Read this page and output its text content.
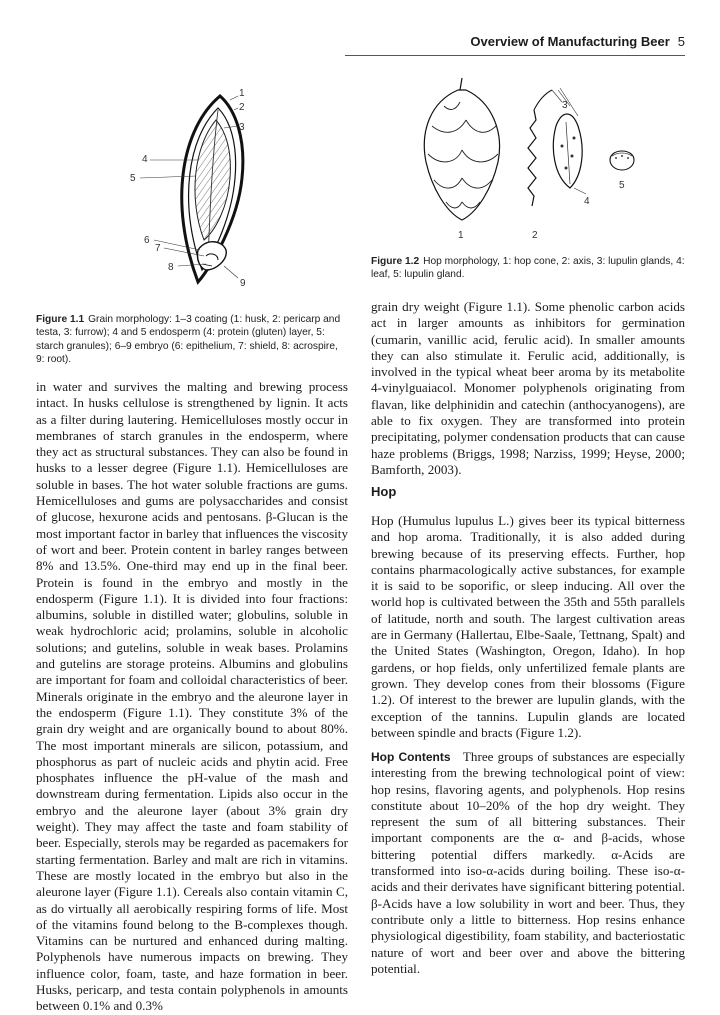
Overview of Manufacturing Beer 5
1
2
3
4
5
6
7
8
9

Figure 1.1 Grain morphology: 1–3 coating (1: husk, 2: pericarp and testa, 3: furrow); 4 and 5 endosperm (4: protein (gluten) layer, 5: starch granules); 6–9 embryo (6: epithelium, 7: shield, 8: acrospire, 9: root).

1	2
3
4
5

Figure 1.2 Hop morphology, 1: hop cone, 2: axis, 3: lupulin glands, 4: leaf, 5: lupulin gland.

in water and survives the malting and brewing process intact. In husks cellulose is strengthened by lignin. It acts as a filter during lautering. Hemicelluloses mostly occur in membranes of starch granules in the endosperm, where they act as structural substances. They can also be found in husks to a lesser degree (Figure 1.1). Hemicelluloses are soluble in bases. The hot water soluble fractions are gums. Hemicelluloses and gums are polysaccharides and consist of glucose, hexurone acids and pentosans. β-Glucan is the most important factor in barley that influences the viscosity of wort and beer. Protein content in barley ranges between 8% and 13.5%. One-third may end up in the final beer. Protein is found in the embryo and mostly in the endosperm (Figure 1.1). It is divided into four fractions: albumins, soluble in distilled water; globulins, soluble in weak hydrochloric acid; prolamins, soluble in alcoholic solutions; and gutelins, soluble in weak bases. Prolamins and gutelins are storage proteins. Albumins and globulins are important for foam and colloidal characteristics of beer. Minerals originate in the embryo and the aleurone layer in the endosperm (Figure 1.1). They constitute 3% of the grain dry weight and are organically bound to about 80%. The most important minerals are silicon, potassium, and phosphorus as part of nucleic acids and phytin acid. Free phosphates influence the pH-value of the mash and downstream during fermentation. Lipids also occur in the embryo and the aleurone layer (about 3% grain dry weight). They may affect the taste and foam stability of beer. Especially, sterols may be regarded as pacemakers for starting fermentation. Barley and malt are rich in vitamins. These are mostly located in the embryo but also in the aleurone layer (Figure 1.1). Cereals also contain vitamin C, as do virtually all aerobically respiring forms of life. Most of the vitamins found belong to the B-complexes though. Vitamins can be nurtured and enhanced during malting. Polyphenols have numerous impacts on brewing. They influence color, foam, taste, and haze formation in beer. Husks, pericarp, and testa contain polyphenols in amounts between 0.1% and 0.3%

grain dry weight (Figure 1.1). Some phenolic carbon acids act in larger amounts as inhibitors for germination (cumarin, vanillic acid, ferulic acid). In smaller amounts they can also stimulate it. Ferulic acid, additionally, is involved in the typical wheat beer aroma by its metabolite 4-vinylguaiacol. Monomer polyphenols originating from flavan, like delphinidin and catechin (anthocyanogens), are able to fix oxygen. They are transformed into protein precipitating, polymer condensation products that can cause haze problems (Briggs, 1998; Narziss, 1999; Heyse, 2000; Bamforth, 2003).

Hop

Hop (Humulus lupulus L.) gives beer its typical bitterness and hop aroma. Traditionally, it is also added during brewing because of its preserving effects. Further, hop contains pharmacologically active substances, for example it is said to be soporific, or sleep inducing. All over the world hop is cultivated between the 35th and 55th parallels of latitude, north and south. The largest cultivation areas are in Germany (Hallertau, Elbe-Saale, Tettnang, Spalt) and the United States (Washington, Oregon, Idaho). In hop gardens, or hop fields, only unfertilized female plants are grown. They develop cones from their blossoms (Figure 1.2). Of interest to the brewer are lupulin glands, with the exception of the tannins. Lupulin glands are located between spindle and bracts (Figure 1.2).

Hop Contents Three groups of substances are especially interesting from the brewing technological point of view: hop resins, flavoring agents, and polyphenols. Hop resins constitute about 10–20% of the hop dry weight. They represent the sum of all bittering substances. Their important components are the α- and β-acids, whose bittering potential differs markedly. α-Acids are transformed into iso-α-acids during boiling. These iso-α-acids and their derivates have significant bittering potential. β-Acids have a low solubility in wort and beer. Thus, they contribute only a little to bitterness. Hop resins enhance physiological digestibility, foam stability, and bacteriostatic nature of wort and beer over and above the bittering potential.
